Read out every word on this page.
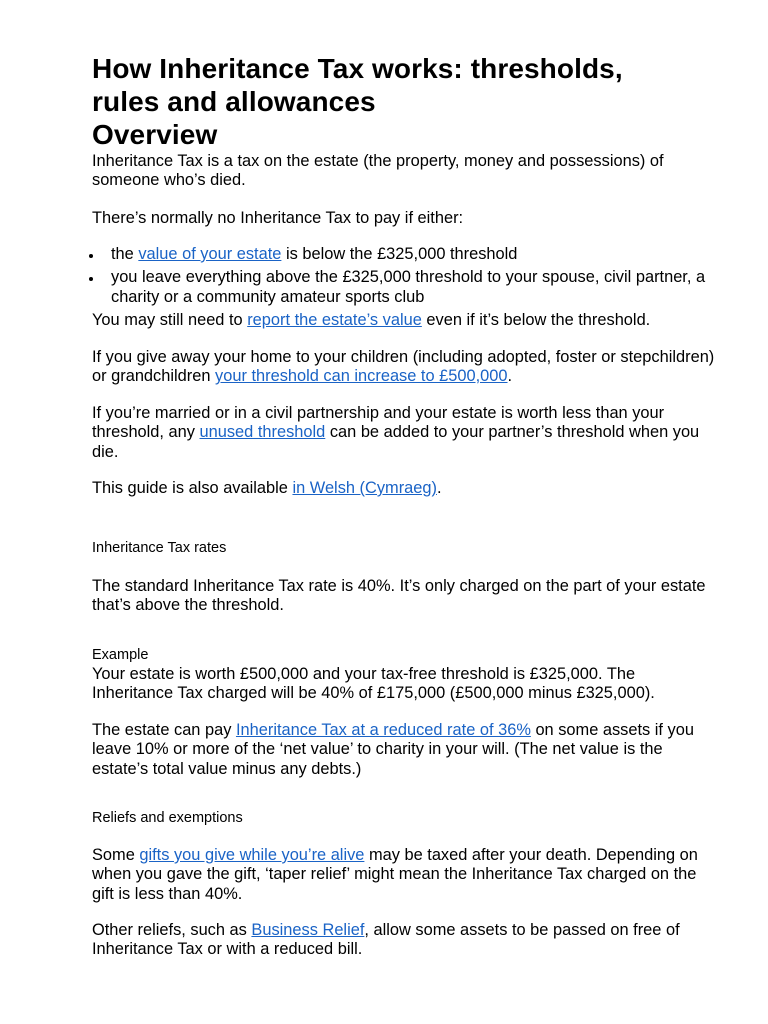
How Inheritance Tax works: thresholds,
rules and allowances
Overview

Inheritance Tax is a tax on the estate (the property, money and possessions) of someone who’s died.

There’s normally no Inheritance Tax to pay if either:

the value of your estate is below the £325,000 threshold
you leave everything above the £325,000 threshold to your spouse, civil partner, a charity or a community amateur sports club

You may still need to report the estate’s value even if it’s below the threshold.

If you give away your home to your children (including adopted, foster or stepchildren) or grandchildren your threshold can increase to £500,000.

If you’re married or in a civil partnership and your estate is worth less than your threshold, any unused threshold can be added to your partner’s threshold when you die.

This guide is also available in Welsh (Cymraeg).

Inheritance Tax rates

The standard Inheritance Tax rate is 40%. It’s only charged on the part of your estate that’s above the threshold.

Example

Your estate is worth £500,000 and your tax-free threshold is £325,000. The Inheritance Tax charged will be 40% of £175,000 (£500,000 minus £325,000).

The estate can pay Inheritance Tax at a reduced rate of 36% on some assets if you leave 10% or more of the ‘net value’ to charity in your will. (The net value is the estate’s total value minus any debts.)

Reliefs and exemptions

Some gifts you give while you’re alive may be taxed after your death. Depending on when you gave the gift, ‘taper relief’ might mean the Inheritance Tax charged on the gift is less than 40%.

Other reliefs, such as Business Relief, allow some assets to be passed on free of Inheritance Tax or with a reduced bill.
